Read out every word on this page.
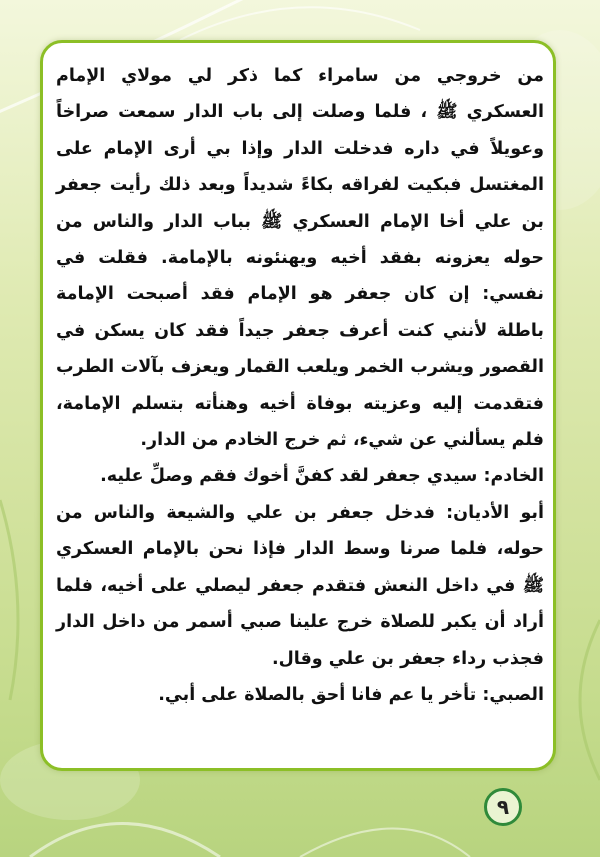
من خروجي من سامراء كما ذكر لي مولاي الإمام العسكري ﷺ ، فلما وصلت إلى باب الدار سمعت صراخاً وعويلاً في داره فدخلت الدار وإذا بي أرى الإمام على المغتسل فبكيت لفراقه بكاءً شديداً وبعد ذلك رأيت جعفر بن علي أخا الإمام العسكري ﷺ بباب الدار والناس من حوله يعزونه بفقد أخيه ويهنئونه بالإمامة. فقلت في نفسي: إن كان جعفر هو الإمام فقد أصبحت الإمامة باطلة لأنني كنت أعرف جعفر جيداً فقد كان يسكن في القصور ويشرب الخمر ويلعب القمار ويعزف بآلات الطرب فتقدمت إليه وعزيته بوفاة أخيه وهنأته بتسلم الإمامة، فلم يسألني عن شيء، ثم خرج الخادم من الدار.

الخادم: سيدي جعفر لقد كفنَّ أخوك فقم وصلِّ عليه.

أبو الأديان: فدخل جعفر بن علي والشيعة والناس من حوله، فلما صرنا وسط الدار فإذا نحن بالإمام العسكري ﷺ في داخل النعش فتقدم جعفر ليصلي على أخيه، فلما أراد أن يكبر للصلاة خرج علينا صبي أسمر من داخل الدار فجذب رداء جعفر بن علي وقال.

الصبي: تأخر يا عم فانا أحق بالصلاة على أبي.

٩
